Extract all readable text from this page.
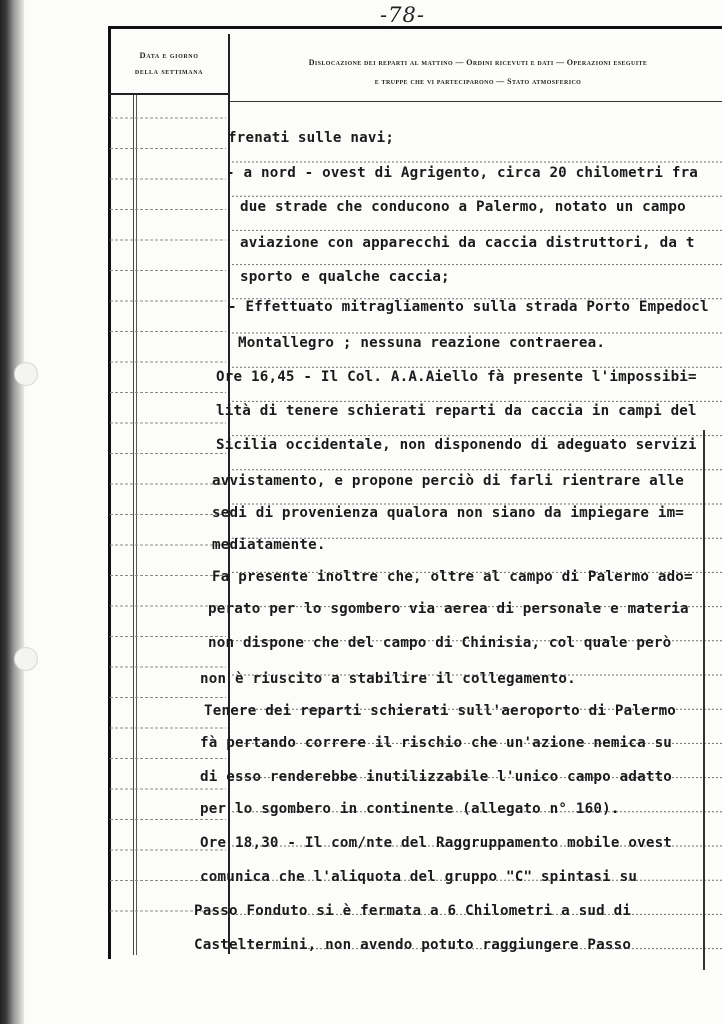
-78-
Data e giorno
della settimana
Dislocazione dei reparti al mattino — Ordini ricevuti e dati — Operazioni eseguite
e truppe che vi parteciparono — Stato atmosferico
frenati sulle navi;
- a nord - ovest di Agrigento, circa 20 chilometri fra
due strade che conducono a Palermo, notato un campo
aviazione con apparecchi da caccia distruttori, da t
sporto e qualche caccia;
- Effettuato mitragliamento sulla strada Porto Empedocl
Montallegro ; nessuna reazione contraerea.
Ore 16,45 - Il Col. A.A.Aiello fà presente l'impossibi=
lità di tenere schierati reparti da caccia in campi del
Sicilia occidentale, non disponendo di adeguato servizi
avvistamento, e propone perciò di farli rientrare alle
sedi di provenienza qualora non siano da impiegare im=
mediatamente.
Fa presente inoltre che, oltre al campo di Palermo ado=
perato per lo sgombero via aerea di personale e materia
non dispone che del campo di Chinisia, col quale però
non è riuscito a stabilire il collegamento.
Tenere dei reparti schierati sull'aeroporto di Palermo
fà pertando correre il rischio che un'azione nemica su
di esso renderebbe inutilizzabile l'unico campo adatto
per lo sgombero in continente (allegato n° 160).
Ore 18,30 - Il com/nte del Raggruppamento mobile ovest
comunica che l'aliquota del gruppo "C" spintasi su
Passo Fonduto si è fermata a 6 Chilometri a sud di
Casteltermini, non avendo potuto raggiungere Passo
